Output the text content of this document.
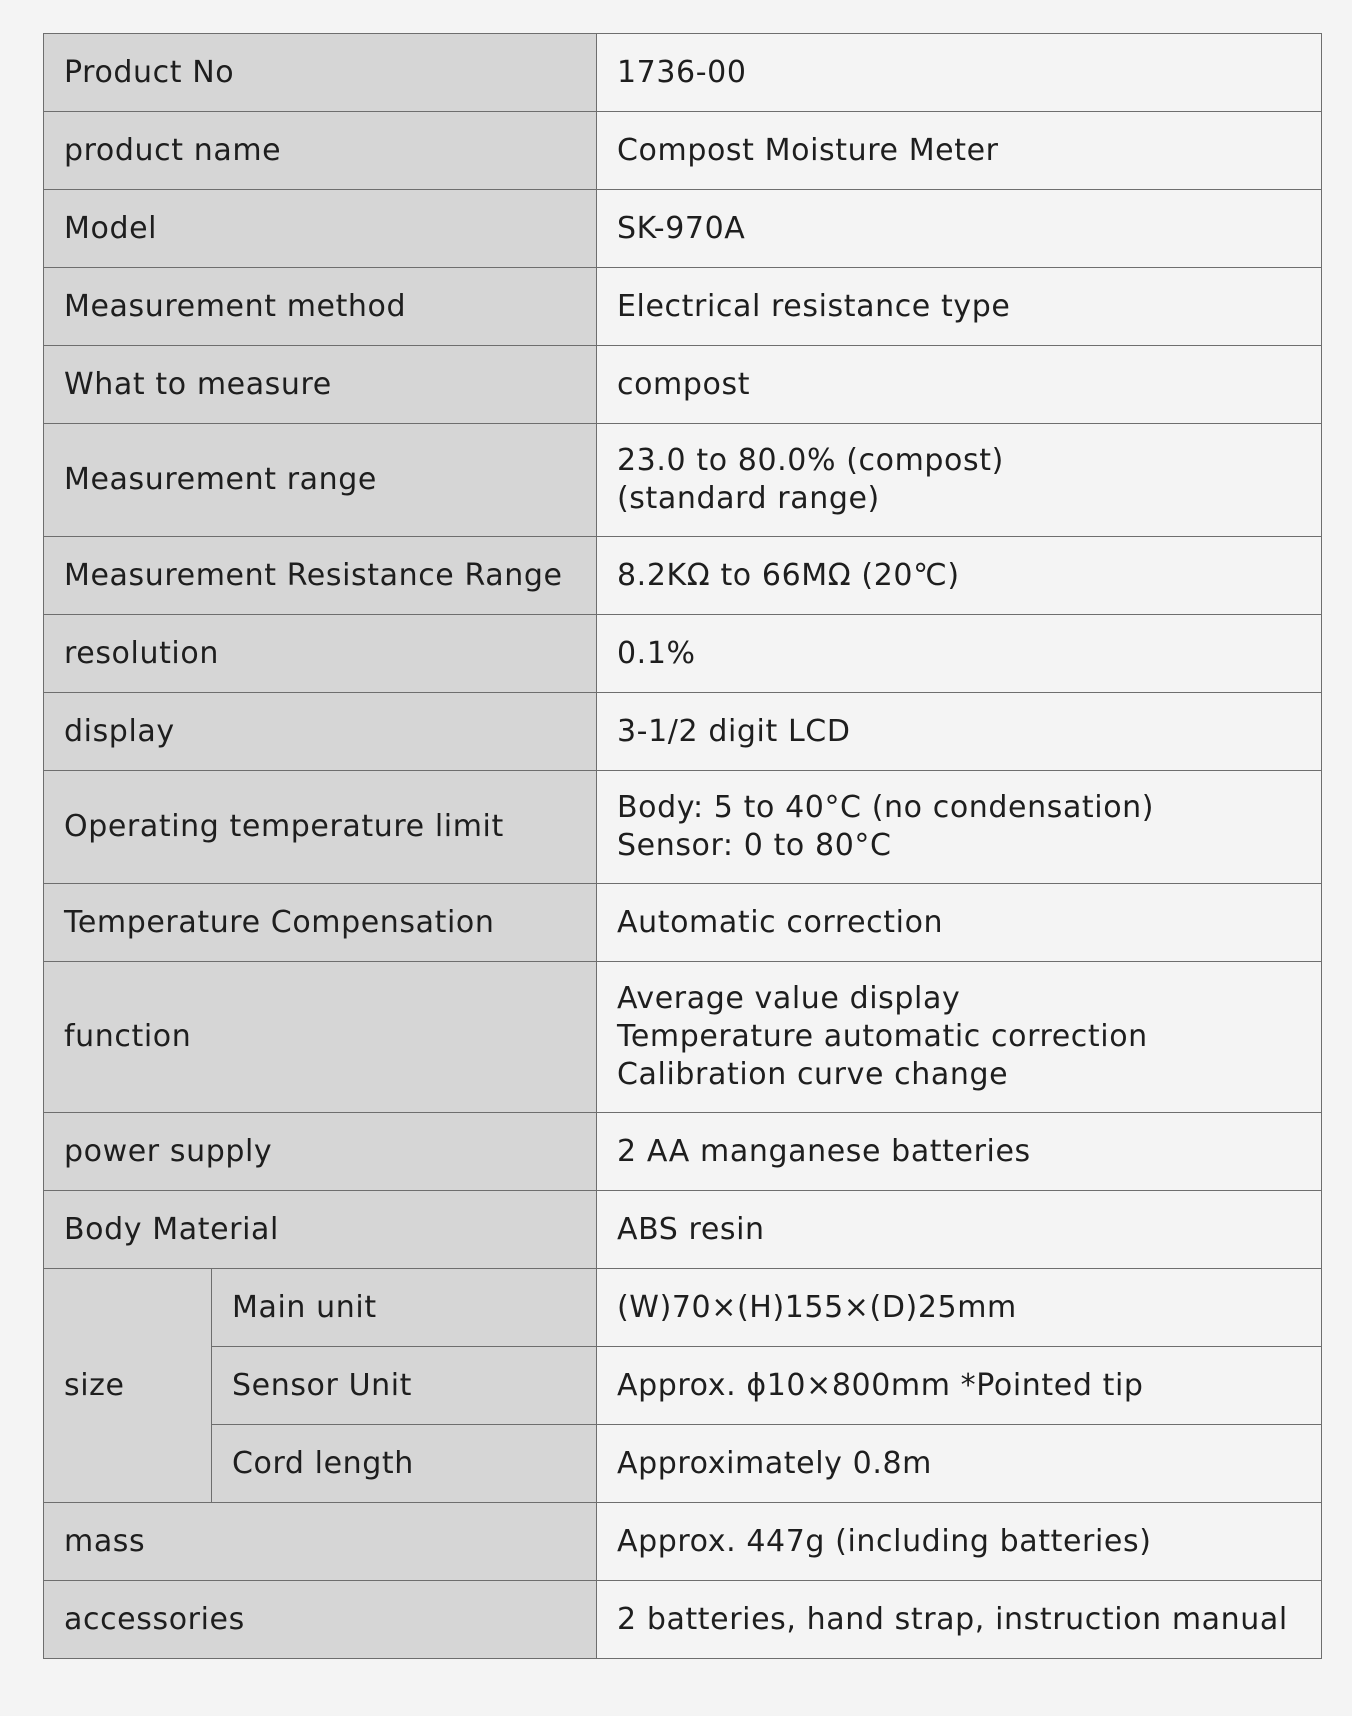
Product No		1736-00
product name		Compost Moisture Meter
Model		SK-970A
Measurement method		Electrical resistance type
What to measure		compost
Measurement range		23.0 to 80.0% (compost)
(standard range)

Measurement Resistance Range		8.2KΩ to 66MΩ (20℃)
resolution		0.1%
display		3-1/2 digit LCD
Operating temperature limit		Body: 5 to 40°C (no condensation)
Sensor: 0 to 80°C

Temperature Compensation		Automatic correction
function		Average value display
Temperature automatic correction
Calibration curve change

power supply		2 AA manganese batteries
Body Material		ABS resin
size	Main unit	(W)70×(H)155×(D)25mm
	Sensor Unit	Approx. ϕ10×800mm *Pointed tip
	Cord length	Approximately 0.8m
mass		Approx. 447g (including batteries)
accessories		2 batteries, hand strap, instruction manual
